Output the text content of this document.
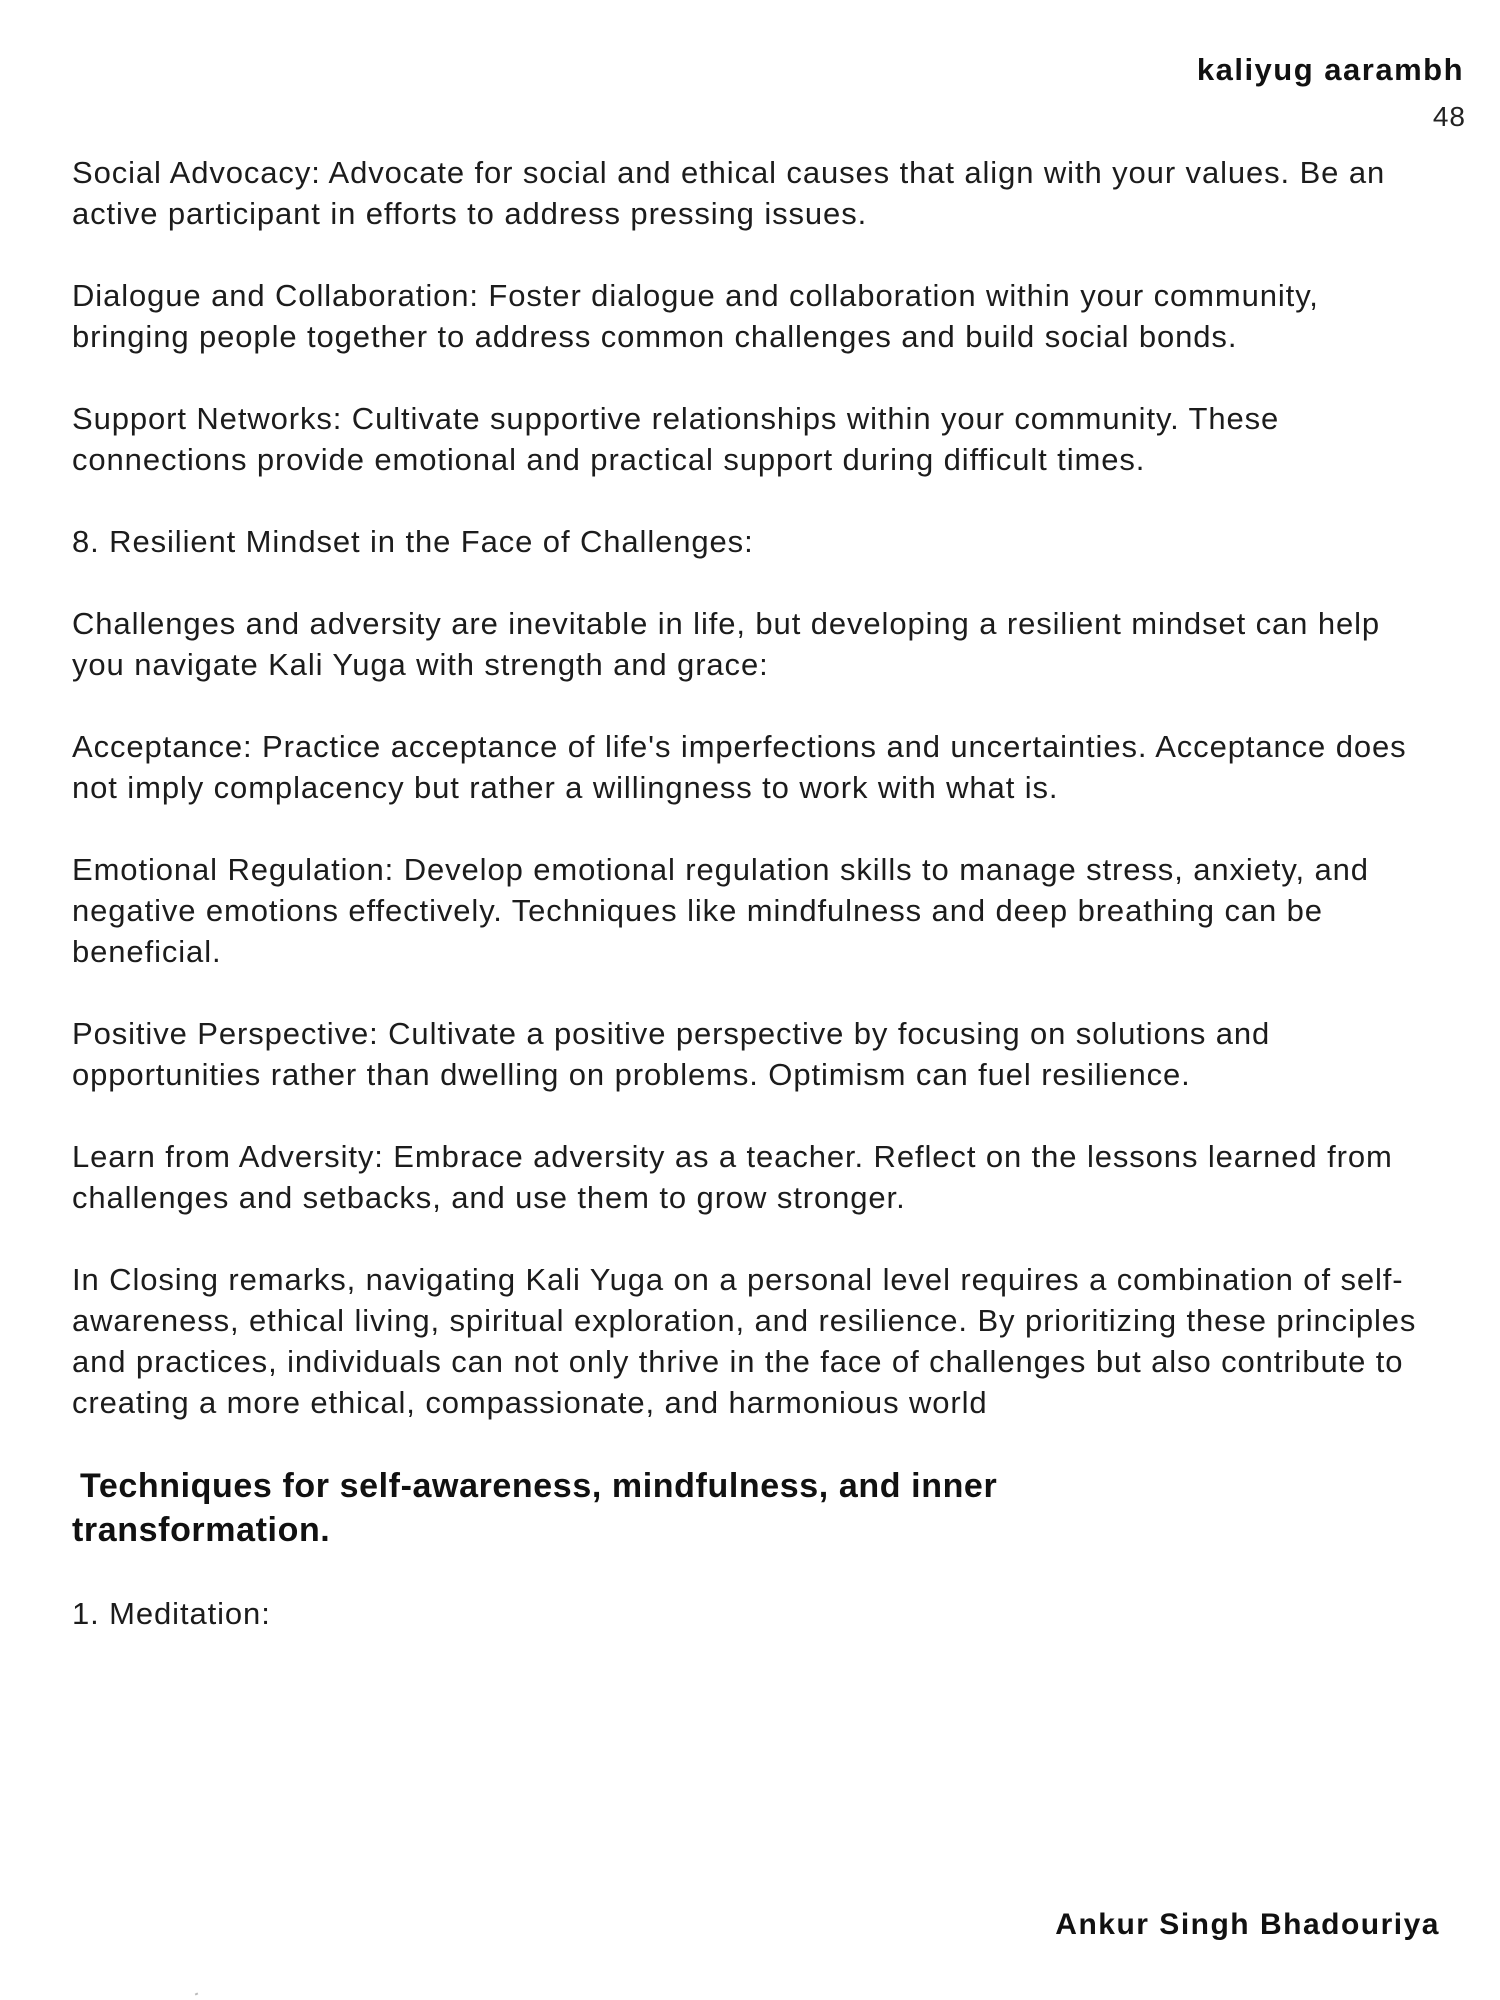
kaliyug aarambh
48

Social Advocacy: Advocate for social and ethical causes that align with your values. Be an active participant in efforts to address pressing issues.

Dialogue and Collaboration: Foster dialogue and collaboration within your community, bringing people together to address common challenges and build social bonds.

Support Networks: Cultivate supportive relationships within your community. These connections provide emotional and practical support during difficult times.

8. Resilient Mindset in the Face of Challenges:

Challenges and adversity are inevitable in life, but developing a resilient mindset can help you navigate Kali Yuga with strength and grace:

Acceptance: Practice acceptance of life's imperfections and uncertainties. Acceptance does not imply complacency but rather a willingness to work with what is.

Emotional Regulation: Develop emotional regulation skills to manage stress, anxiety, and negative emotions effectively. Techniques like mindfulness and deep breathing can be beneficial.

Positive Perspective: Cultivate a positive perspective by focusing on solutions and opportunities rather than dwelling on problems. Optimism can fuel resilience.

Learn from Adversity: Embrace adversity as a teacher. Reflect on the lessons learned from challenges and setbacks, and use them to grow stronger.

In Closing remarks, navigating Kali Yuga on a personal level requires a combination of self-awareness, ethical living, spiritual exploration, and resilience. By prioritizing these principles and practices, individuals can not only thrive in the face of challenges but also contribute to creating a more ethical, compassionate, and harmonious world

Techniques for self-awareness, mindfulness, and inner
transformation.

1. Meditation:

Ankur Singh Bhadouriya
